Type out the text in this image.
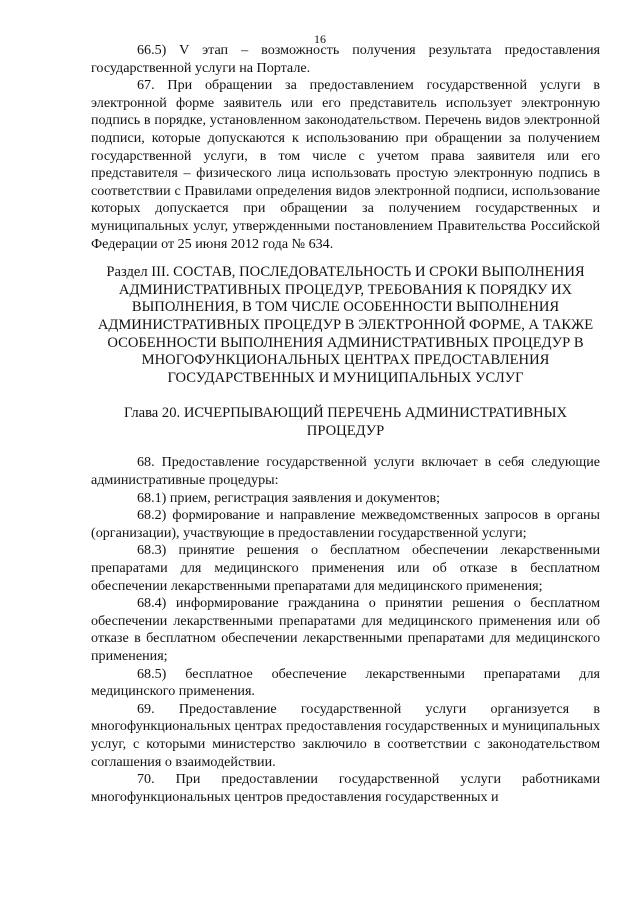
16

66.5) V этап – возможность получения результата предоставления государственной услуги на Портале.

67. При обращении за предоставлением государственной услуги в электронной форме заявитель или его представитель использует электронную подпись в порядке, установленном законодательством. Перечень видов электронной подписи, которые допускаются к использованию при обращении за получением государственной услуги, в том числе с учетом права заявителя или его представителя – физического лица использовать простую электронную подпись в соответствии с Правилами определения видов электронной подписи, использование которых допускается при обращении за получением государственных и муниципальных услуг, утвержденными постановлением Правительства Российской Федерации от 25 июня 2012 года № 634.

Раздел III. СОСТАВ, ПОСЛЕДОВАТЕЛЬНОСТЬ И СРОКИ ВЫПОЛНЕНИЯ АДМИНИСТРАТИВНЫХ ПРОЦЕДУР, ТРЕБОВАНИЯ К ПОРЯДКУ ИХ ВЫПОЛНЕНИЯ, В ТОМ ЧИСЛЕ ОСОБЕННОСТИ ВЫПОЛНЕНИЯ АДМИНИСТРАТИВНЫХ ПРОЦЕДУР В ЭЛЕКТРОННОЙ ФОРМЕ, А ТАКЖЕ ОСОБЕННОСТИ ВЫПОЛНЕНИЯ АДМИНИСТРАТИВНЫХ ПРОЦЕДУР В МНОГОФУНКЦИОНАЛЬНЫХ ЦЕНТРАХ ПРЕДОСТАВЛЕНИЯ ГОСУДАРСТВЕННЫХ И МУНИЦИПАЛЬНЫХ УСЛУГ

Глава 20. ИСЧЕРПЫВАЮЩИЙ ПЕРЕЧЕНЬ АДМИНИСТРАТИВНЫХ ПРОЦЕДУР

68. Предоставление государственной услуги включает в себя следующие административные процедуры:

68.1) прием, регистрация заявления и документов;

68.2) формирование и направление межведомственных запросов в органы (организации), участвующие в предоставлении государственной услуги;

68.3) принятие решения о бесплатном обеспечении лекарственными препаратами для медицинского применения или об отказе в бесплатном обеспечении лекарственными препаратами для медицинского применения;

68.4) информирование гражданина о принятии решения о бесплатном обеспечении лекарственными препаратами для медицинского применения или об отказе в бесплатном обеспечении лекарственными препаратами для медицинского применения;

68.5) бесплатное обеспечение лекарственными препаратами для медицинского применения.

69. Предоставление государственной услуги организуется в многофункциональных центрах предоставления государственных и муниципальных услуг, с которыми министерство заключило в соответствии с законодательством соглашения о взаимодействии.

70. При предоставлении государственной услуги работниками многофункциональных центров предоставления государственных и
